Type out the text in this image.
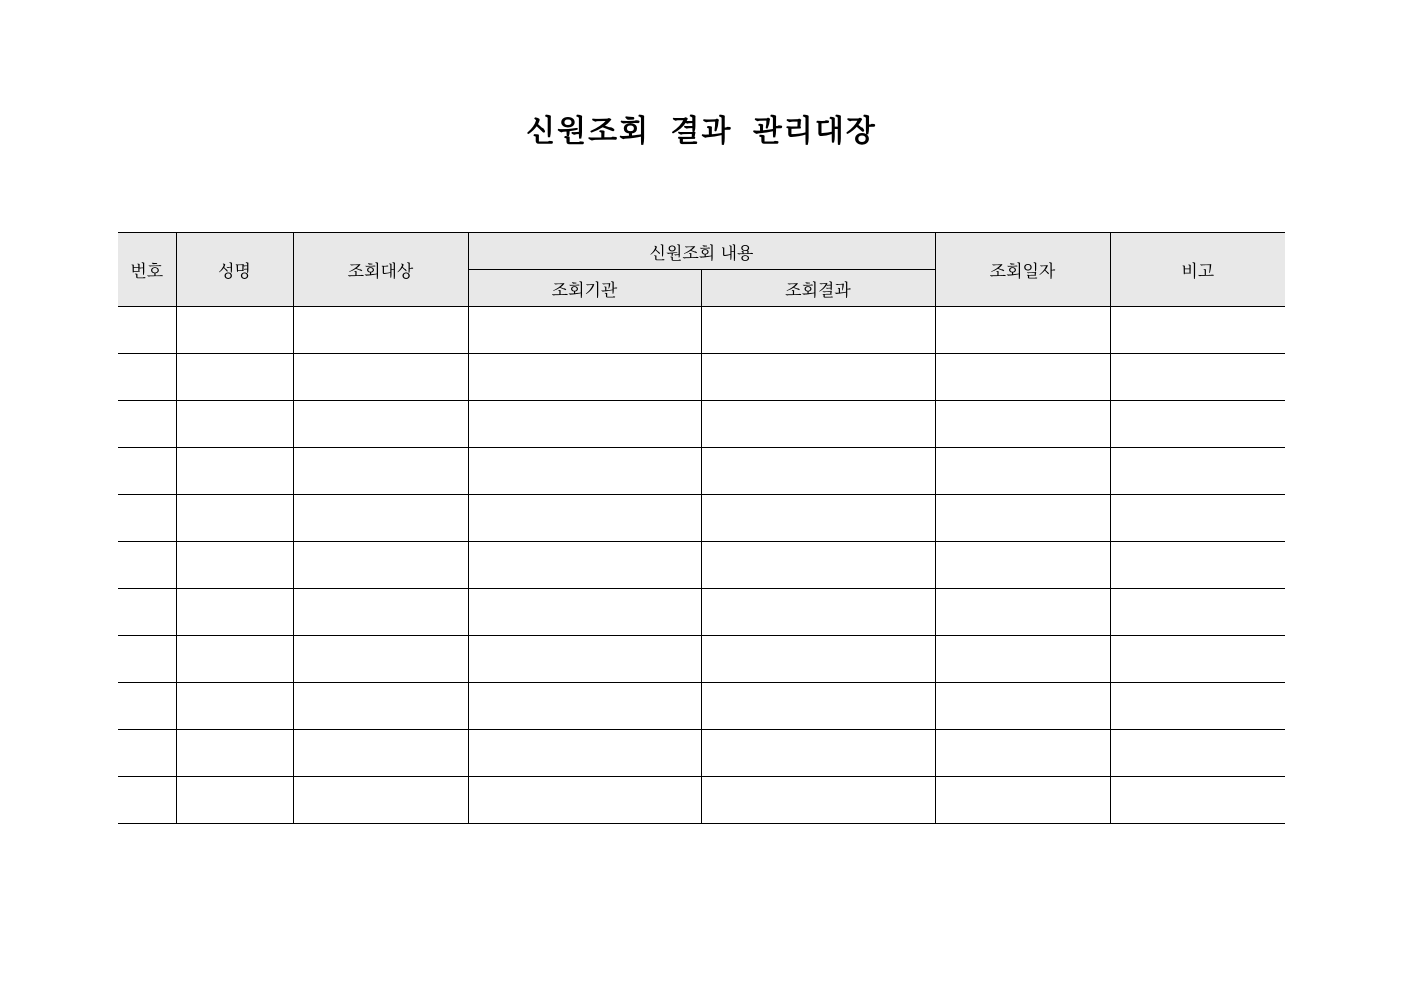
신원조회 결과 관리대장
번호	성명	조회대상	신원조회 내용		조회일자	비고
			조회기관	조회결과		
